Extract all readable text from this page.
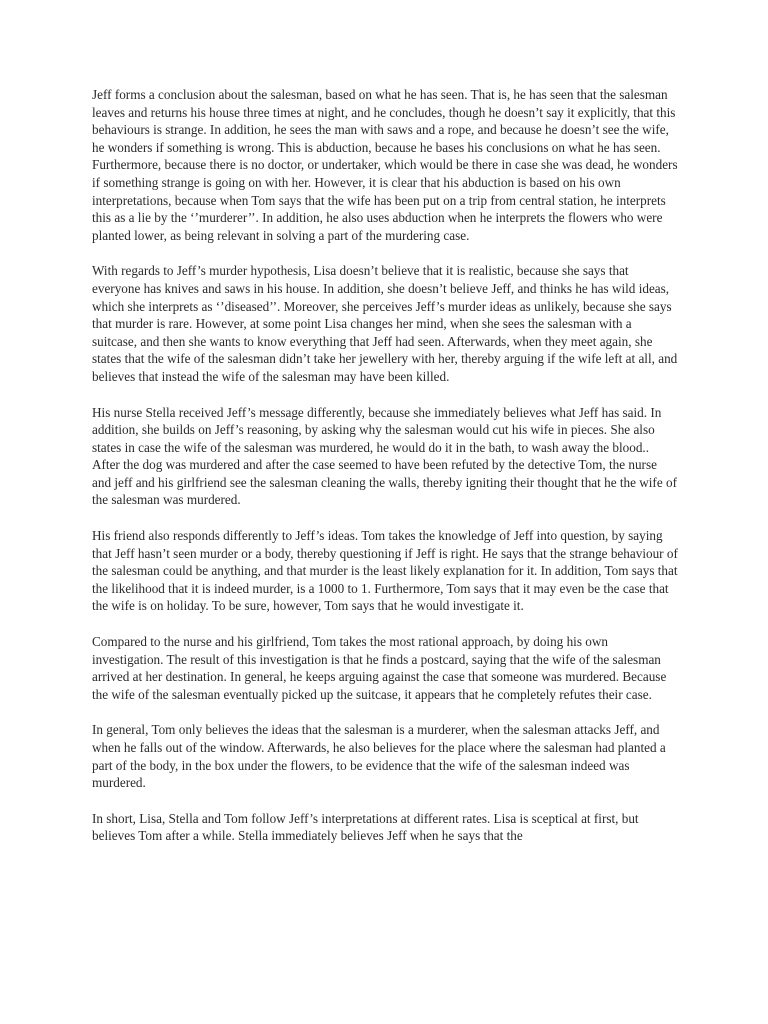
Jeff forms a conclusion about the salesman, based on what he has seen. That is, he has seen that the salesman leaves and returns his house three times at night, and he concludes, though he doesn’t say it explicitly, that this behaviours is strange. In addition, he sees the man with saws and a rope, and because he doesn’t see the wife, he wonders if something is wrong. This is abduction, because he bases his conclusions on what he has seen. Furthermore, because there is no doctor, or undertaker, which would be there in case she was dead, he wonders if something strange is going on with her. However, it is clear that his abduction is based on his own interpretations, because when Tom says that the wife has been put on a trip from central station, he interprets this as a lie by the ‘’murderer’’. In addition, he also uses abduction when he interprets the flowers who were planted lower, as being relevant in solving a part of the murdering case.

With regards to Jeff’s murder hypothesis, Lisa doesn’t believe that it is realistic, because she says that everyone has knives and saws in his house. In addition, she doesn’t believe Jeff, and thinks he has wild ideas, which she interprets as ‘’diseased’’. Moreover, she perceives Jeff’s murder ideas as unlikely, because she says that murder is rare. However, at some point Lisa changes her mind, when she sees the salesman with a suitcase, and then she wants to know everything that Jeff had seen. Afterwards, when they meet again, she states that the wife of the salesman didn’t take her jewellery with her, thereby arguing if the wife left at all, and believes that instead the wife of the salesman may have been killed.

His nurse Stella received Jeff’s message differently, because she immediately believes what Jeff has said. In addition, she builds on Jeff’s reasoning, by asking why the salesman would cut his wife in pieces. She also states in case the wife of the salesman was murdered, he would do it in the bath, to wash away the blood.. After the dog was murdered and after the case seemed to have been refuted by the detective Tom, the nurse and jeff and his girlfriend see the salesman cleaning the walls, thereby igniting their thought that he the wife of the salesman was murdered.

His friend also responds differently to Jeff’s ideas. Tom takes the knowledge of Jeff into question, by saying that Jeff hasn’t seen murder or a body, thereby questioning if Jeff is right. He says that the strange behaviour of the salesman could be anything, and that murder is the least likely explanation for it. In addition, Tom says that the likelihood that it is indeed murder, is a 1000 to 1. Furthermore, Tom says that it may even be the case that the wife is on holiday. To be sure, however, Tom says that he would investigate it.

Compared to the nurse and his girlfriend, Tom takes the most rational approach, by doing his own investigation. The result of this investigation is that he finds a postcard, saying that the wife of the salesman arrived at her destination. In general, he keeps arguing against the case that someone was murdered. Because the wife of the salesman eventually picked up the suitcase, it appears that he completely refutes their case.

In general, Tom only believes the ideas that the salesman is a murderer, when the salesman attacks Jeff, and when he falls out of the window. Afterwards, he also believes for the place where the salesman had planted a part of the body, in the box under the flowers, to be evidence that the wife of the salesman indeed was murdered.

In short, Lisa, Stella and Tom follow Jeff’s interpretations at different rates. Lisa is sceptical at first, but believes Tom after a while. Stella immediately believes Jeff when he says that the
